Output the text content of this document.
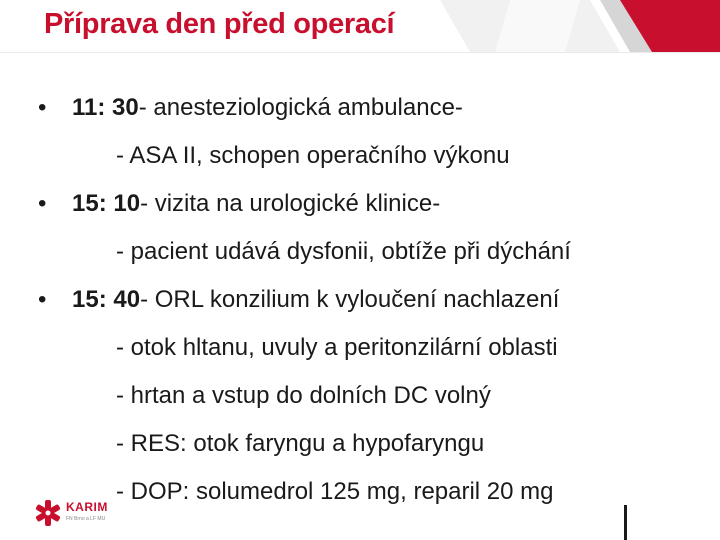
Příprava den před operací
• 11: 30- anesteziologická ambulance-
- ASA II, schopen operačního výkonu
• 15: 10- vizita na urologické klinice-
- pacient udává dysfonii, obtíže při dýchání
• 15: 40- ORL konzilium k vyloučení nachlazení
- otok hltanu, uvuly a peritonzilární oblasti
- hrtan a vstup do dolních DC volný
- RES: otok faryngu a hypofaryngu
- DOP: solumedrol 125 mg, reparil 20 mg
KARIM
FN Brno a LF MU
